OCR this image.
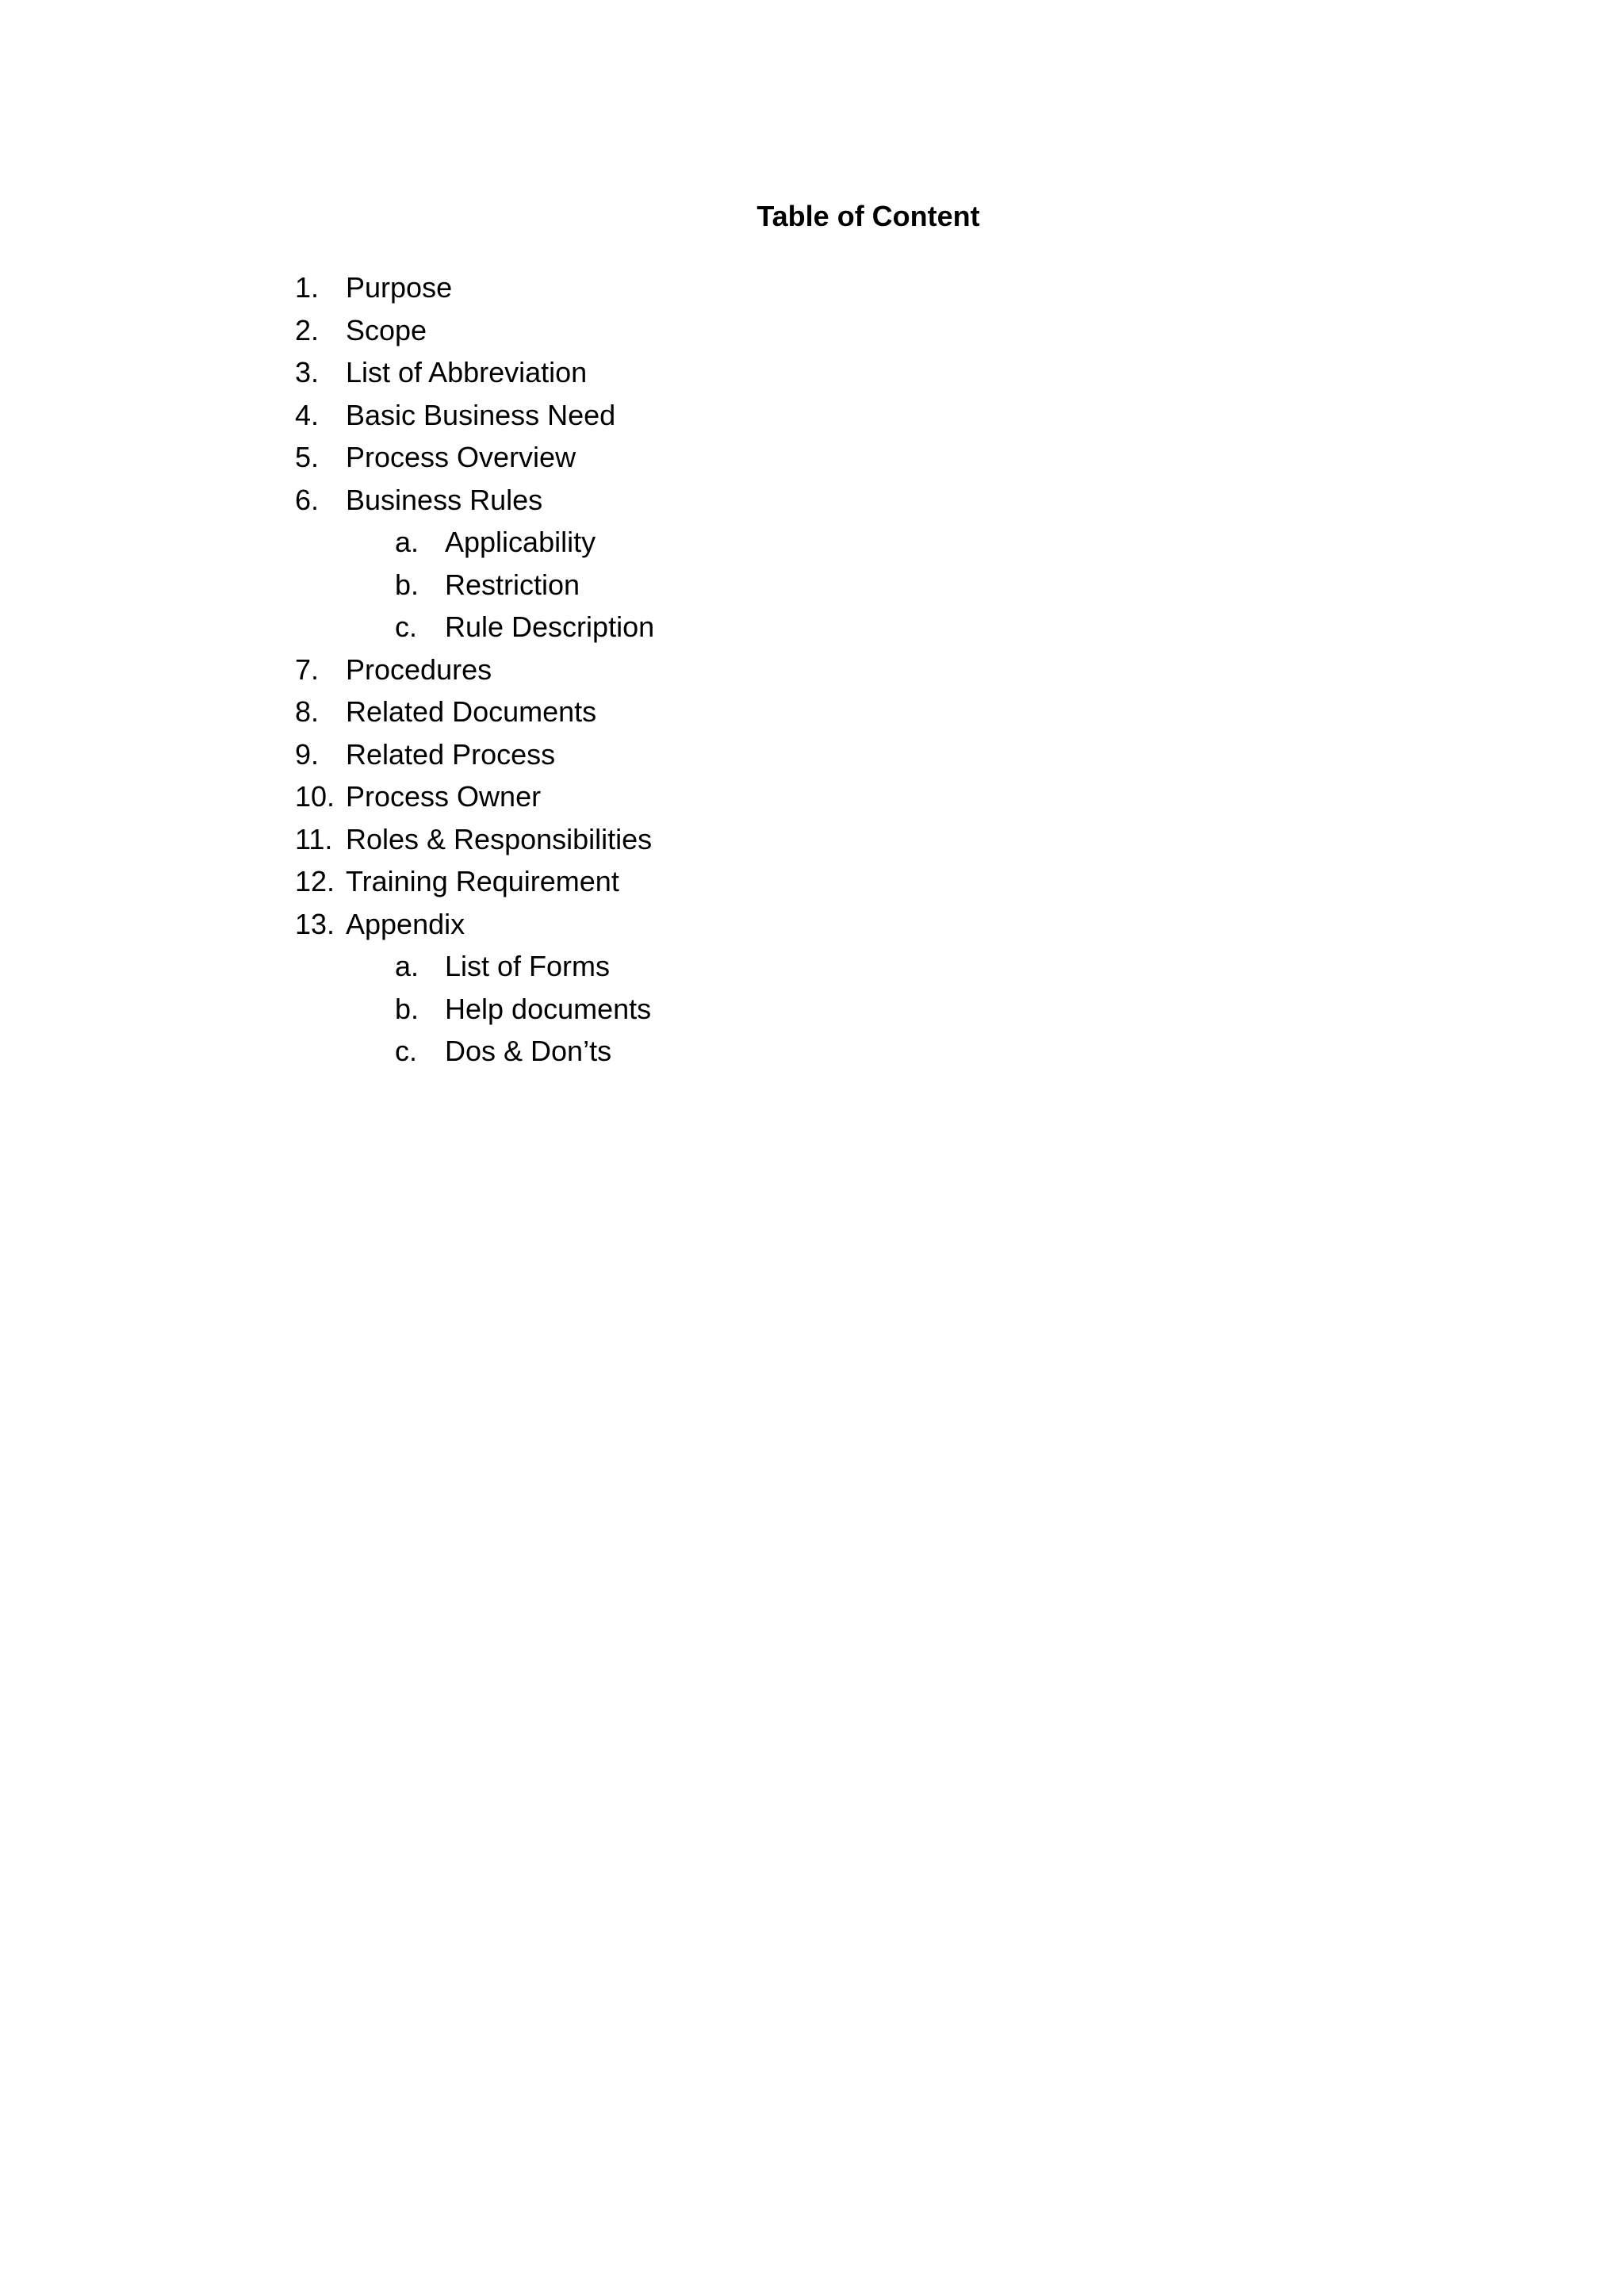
Table of Content
1. Purpose
2. Scope
3. List of Abbreviation
4. Basic Business Need
5. Process Overview
6. Business Rules
a. Applicability
b. Restriction
c. Rule Description
7. Procedures
8. Related Documents
9. Related Process
10. Process Owner
11. Roles & Responsibilities
12. Training Requirement
13. Appendix
a. List of Forms
b. Help documents
c. Dos & Don’ts
